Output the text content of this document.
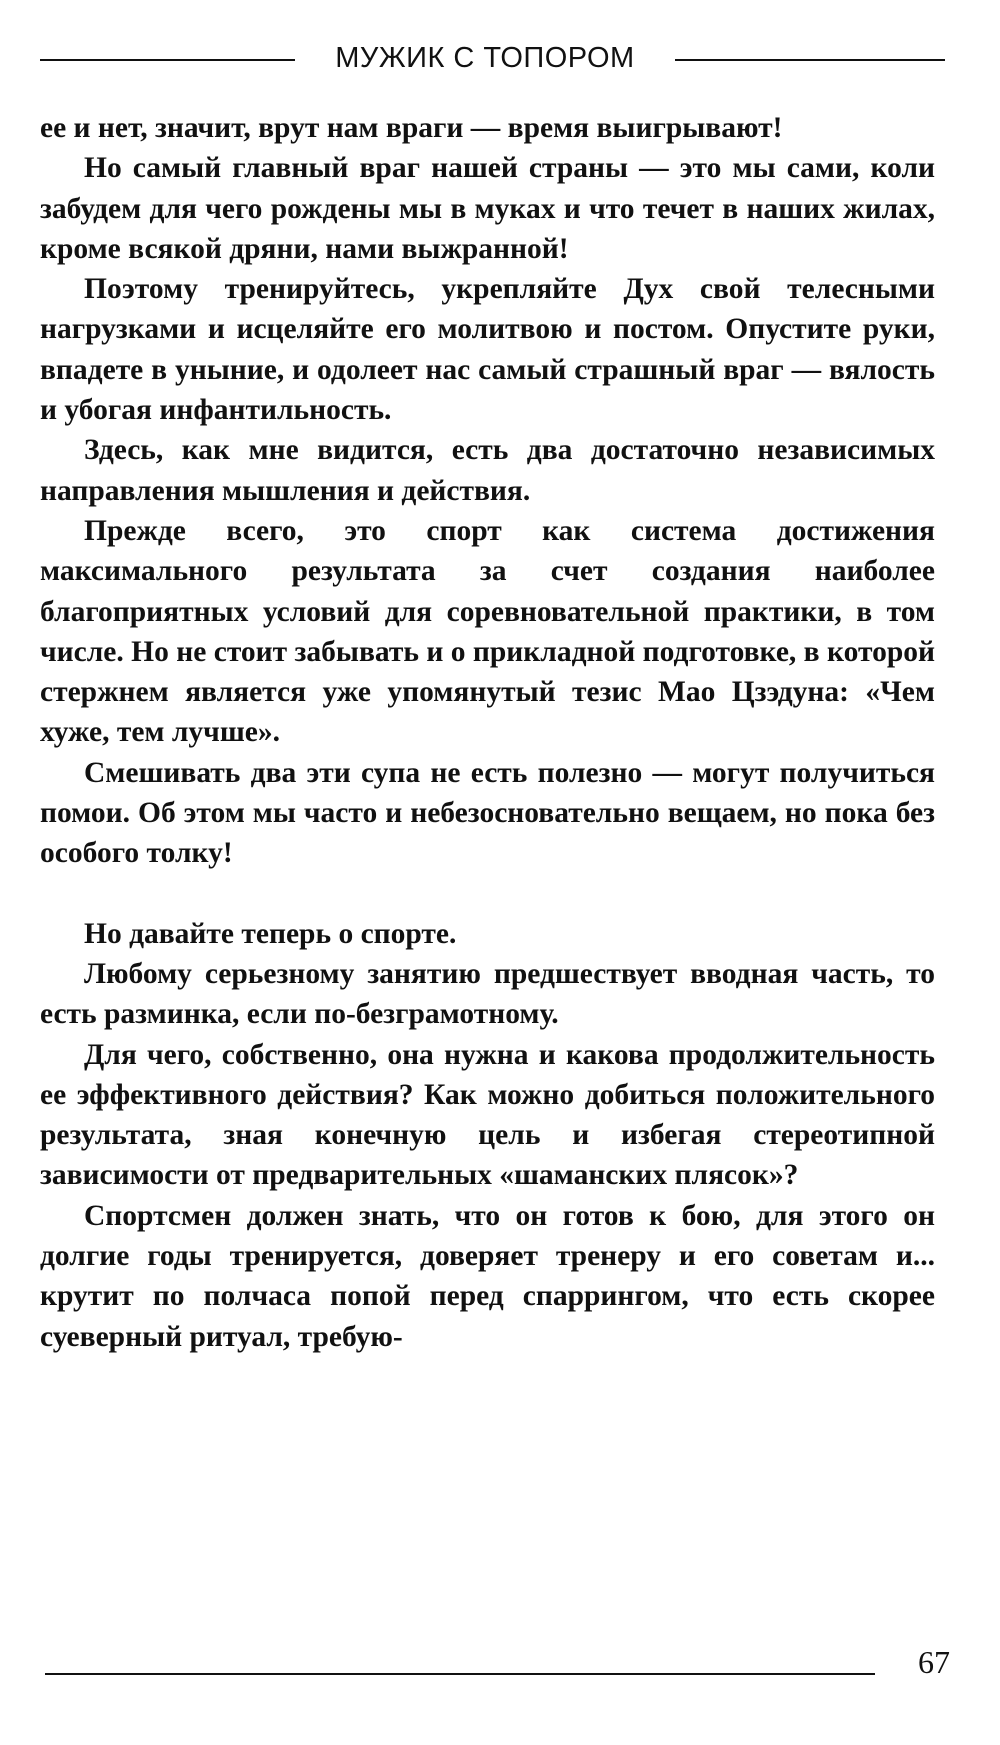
МУЖИК С ТОПОРОМ

ее и нет, значит, врут нам враги — время выигрывают!

Но самый главный враг нашей страны — это мы сами, коли забудем для чего рождены мы в муках и что течет в наших жилах, кроме всякой дряни, нами выжранной!

Поэтому тренируйтесь, укрепляйте Дух свой телесными нагрузками и исцеляйте его молитвою и постом. Опустите руки, впадете в уныние, и одолеет нас самый страшный враг — вялость и убогая инфантильность.

Здесь, как мне видится, есть два достаточно независимых направления мышления и действия.

Прежде всего, это спорт как система достижения максимального результата за счет создания наиболее благоприятных условий для соревновательной практики, в том числе. Но не стоит забывать и о прикладной подготовке, в которой стержнем является уже упомянутый тезис Мао Цзэдуна: «Чем хуже, тем лучше».

Смешивать два эти супа не есть полезно — могут получиться помои. Об этом мы часто и небезосновательно вещаем, но пока без особого толку!

Но давайте теперь о спорте.

Любому серьезному занятию предшествует вводная часть, то есть разминка, если по-безграмотному.

Для чего, собственно, она нужна и какова продолжительность ее эффективного действия? Как можно добиться положительного результата, зная конечную цель и избегая стереотипной зависимости от предварительных «шаманских плясок»?

Спортсмен должен знать, что он готов к бою, для этого он долгие годы тренируется, доверяет тренеру и его советам и... крутит по полчаса попой перед спаррингом, что есть скорее суеверный ритуал, требую-

67
